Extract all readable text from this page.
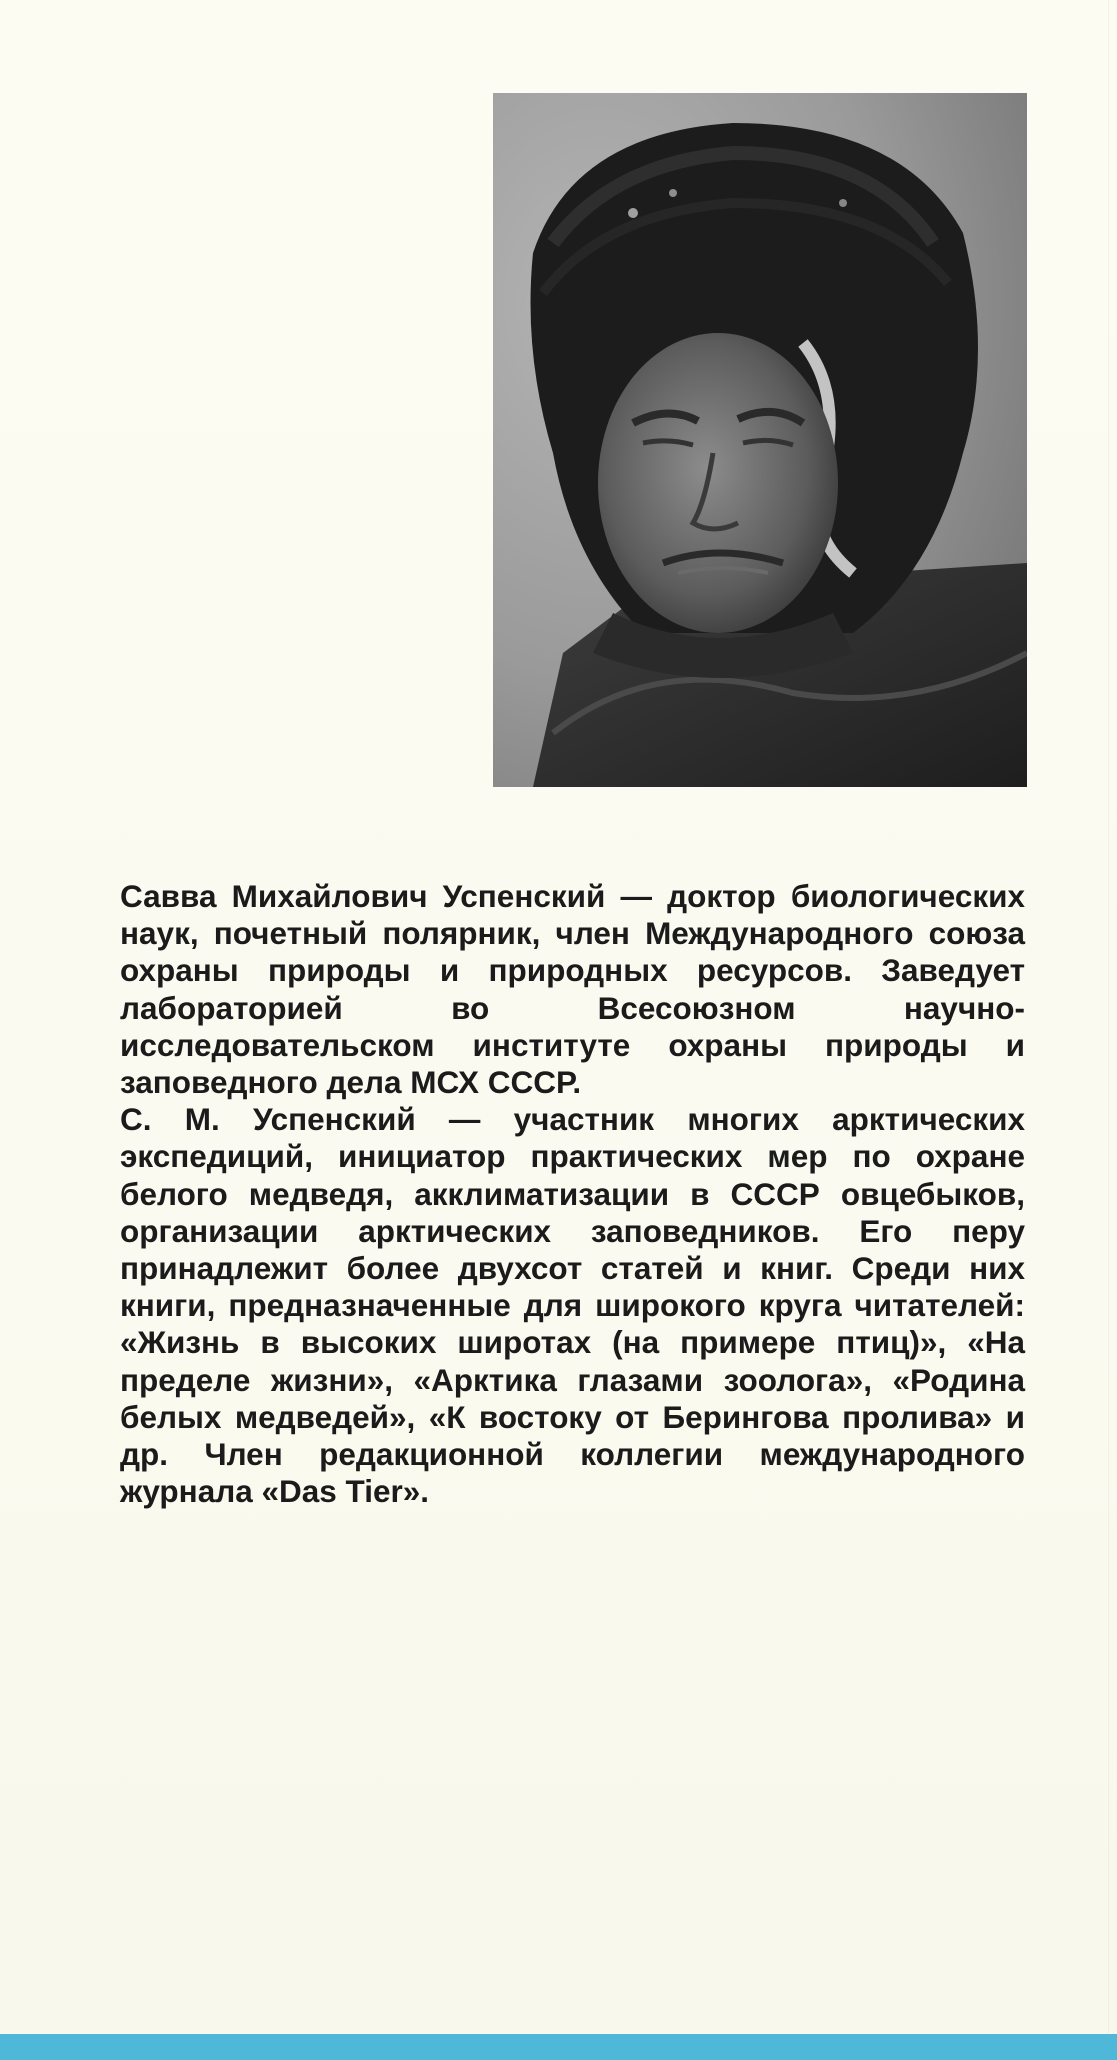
Савва Михайлович Успенский — доктор биологических наук, почетный полярник, член Международного союза охраны природы и природных ресурсов. Заведует лабораторией во Всесоюзном научно-исследовательском институте охраны природы и заповедного дела МСХ СССР.

С. М. Успенский — участник многих арктических экспедиций, инициатор практических мер по охране белого медведя, акклиматизации в СССР овцебыков, организации арктических заповедников. Его перу принадлежит более двухсот статей и книг. Среди них книги, предназначенные для широкого круга читателей: «Жизнь в высоких широтах (на примере птиц)», «На пределе жизни», «Арктика глазами зоолога», «Родина белых медведей», «К востоку от Берингова пролива» и др. Член редакционной коллегии международного журнала «Das Tier».
